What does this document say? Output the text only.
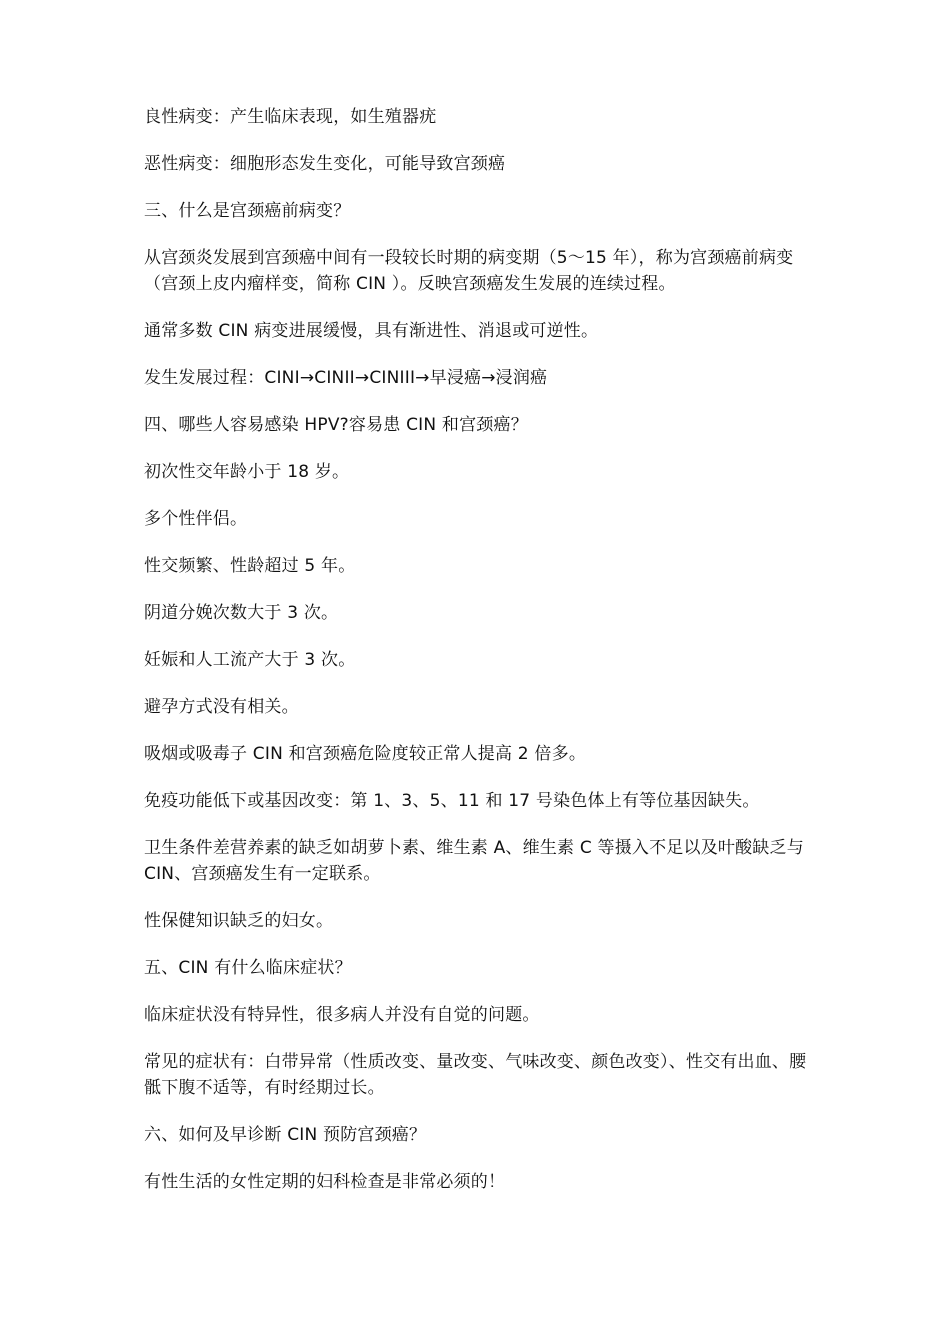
良性病变：产生临床表现，如生殖器疣

恶性病变：细胞形态发生变化，可能导致宫颈癌

三、什么是宫颈癌前病变？

从宫颈炎发展到宫颈癌中间有一段较长时期的病变期（5～15 年），称为宫颈癌前病变（宫颈上皮内瘤样变，简称 CIN ）。反映宫颈癌发生发展的连续过程。

通常多数 CIN 病变进展缓慢，具有渐进性、消退或可逆性。

发生发展过程：CINI→CINII→CINIII→早浸癌→浸润癌

四、哪些人容易感染 HPV?容易患 CIN 和宫颈癌？

初次性交年龄小于 18 岁。

多个性伴侣。

性交频繁、性龄超过 5 年。

阴道分娩次数大于 3 次。

妊娠和人工流产大于 3 次。

避孕方式没有相关。

吸烟或吸毒子 CIN 和宫颈癌危险度较正常人提高 2 倍多。

免疫功能低下或基因改变：第 1、3、5、11 和 17 号染色体上有等位基因缺失。

卫生条件差营养素的缺乏如胡萝卜素、维生素 A、维生素 C 等摄入不足以及叶酸缺乏与 CIN、宫颈癌发生有一定联系。

性保健知识缺乏的妇女。

五、CIN 有什么临床症状？

临床症状没有特异性，很多病人并没有自觉的问题。

常见的症状有：白带异常（性质改变、量改变、气味改变、颜色改变）、性交有出血、腰骶下腹不适等，有时经期过长。

六、如何及早诊断 CIN 预防宫颈癌？

有性生活的女性定期的妇科检查是非常必须的！
